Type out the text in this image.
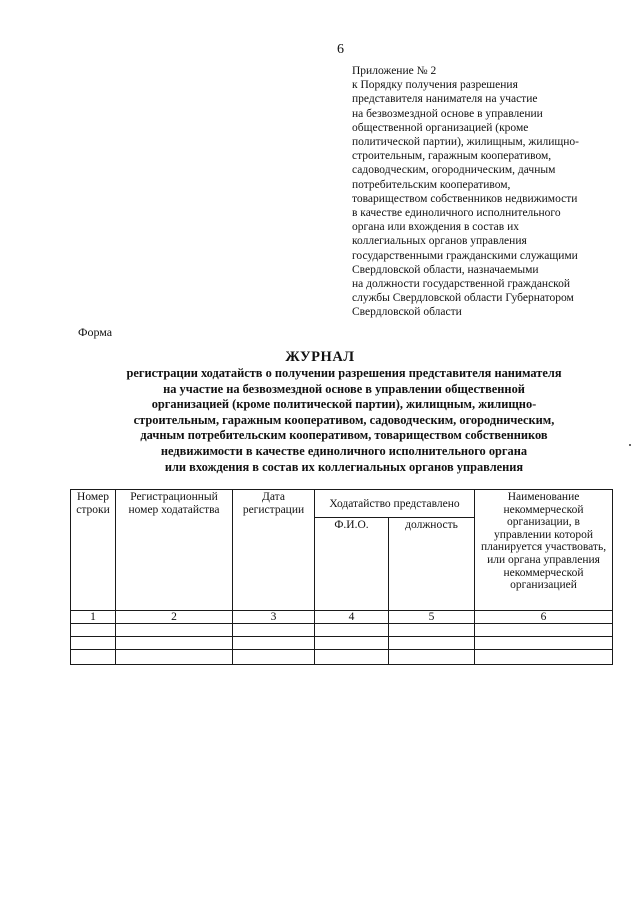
6
Приложение № 2
к Порядку получения разрешения
представителя нанимателя на участие
на безвозмездной основе в управлении
общественной организацией (кроме
политической партии), жилищным, жилищно-
строительным, гаражным кооперативом,
садоводческим, огородническим, дачным
потребительским кооперативом,
товариществом собственников недвижимости
в качестве единоличного исполнительного
органа или вхождения в состав их
коллегиальных органов управления
государственными гражданскими служащими
Свердловской области, назначаемыми
на должности государственной гражданской
службы Свердловской области Губернатором
Свердловской области
Форма
ЖУРНАЛ
регистрации ходатайств о получении разрешения представителя нанимателя
на участие на безвозмездной основе в управлении общественной
организацией (кроме политической партии), жилищным, жилищно-
строительным, гаражным кооперативом, садоводческим, огородническим,
дачным потребительским кооперативом, товариществом собственников
недвижимости в качестве единоличного исполнительного органа
или вхождения в состав их коллегиальных органов управления
Номер строки	Регистрационный номер ходатайства	Дата регистрации	Ходатайство представлено		Наименование некоммерческой организации, в управлении которой планируется участвовать, или органа управления некоммерческой организацией
			Ф.И.О.	должность	
1	2	3	4	5	6
